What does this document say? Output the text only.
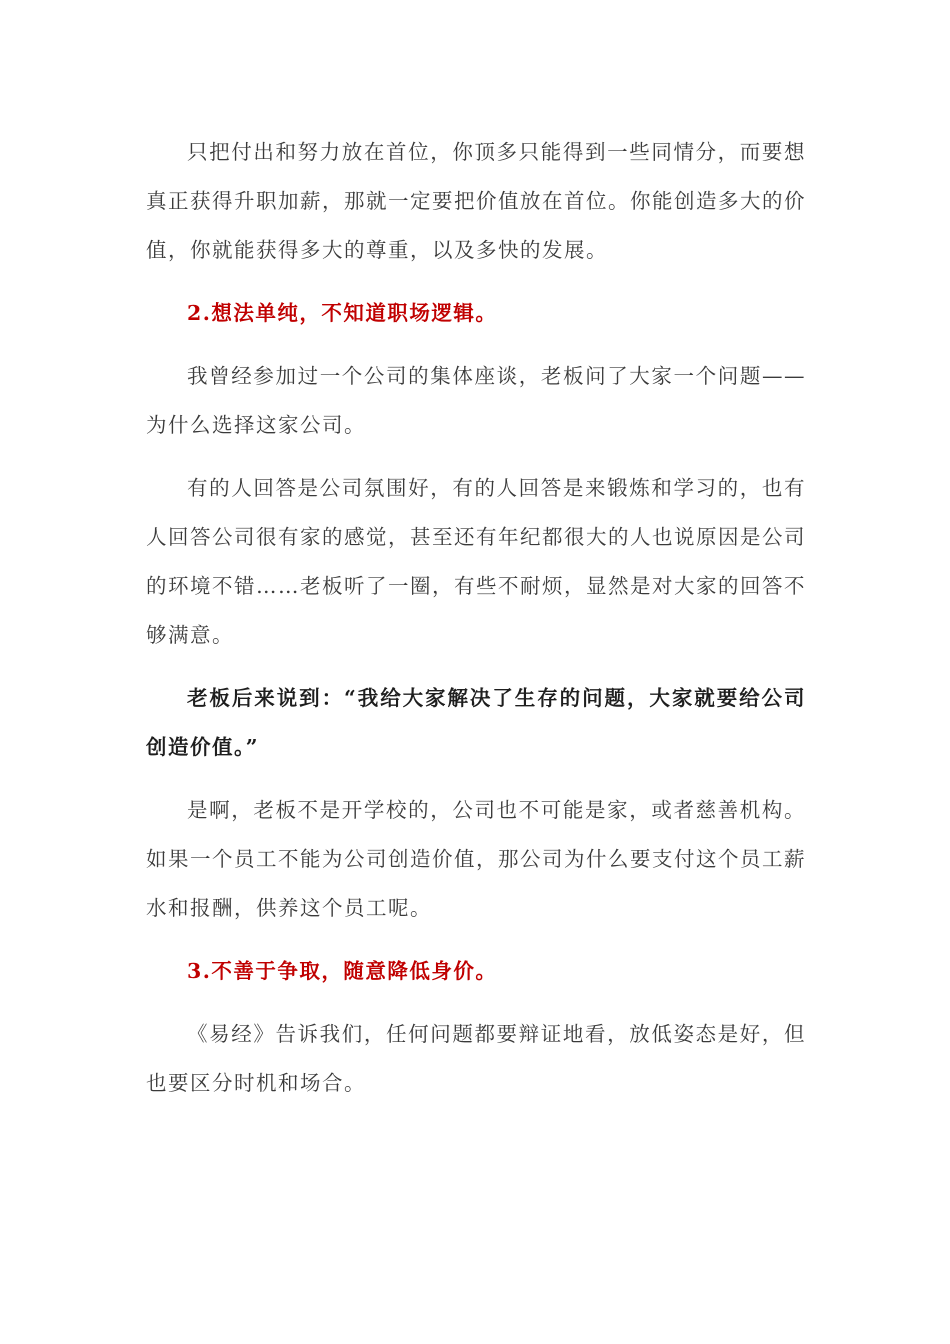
只把付出和努力放在首位，你顶多只能得到一些同情分，而要想真正获得升职加薪，那就一定要把价值放在首位。你能创造多大的价值，你就能获得多大的尊重，以及多快的发展。

2.想法单纯，不知道职场逻辑。

我曾经参加过一个公司的集体座谈，老板问了大家一个问题——为什么选择这家公司。

有的人回答是公司氛围好，有的人回答是来锻炼和学习的，也有人回答公司很有家的感觉，甚至还有年纪都很大的人也说原因是公司的环境不错……老板听了一圈，有些不耐烦，显然是对大家的回答不够满意。

老板后来说到：“我给大家解决了生存的问题，大家就要给公司创造价值。”

是啊，老板不是开学校的，公司也不可能是家，或者慈善机构。如果一个员工不能为公司创造价值，那公司为什么要支付这个员工薪水和报酬，供养这个员工呢。

3.不善于争取，随意降低身价。

《易经》告诉我们，任何问题都要辩证地看，放低姿态是好，但也要区分时机和场合。
